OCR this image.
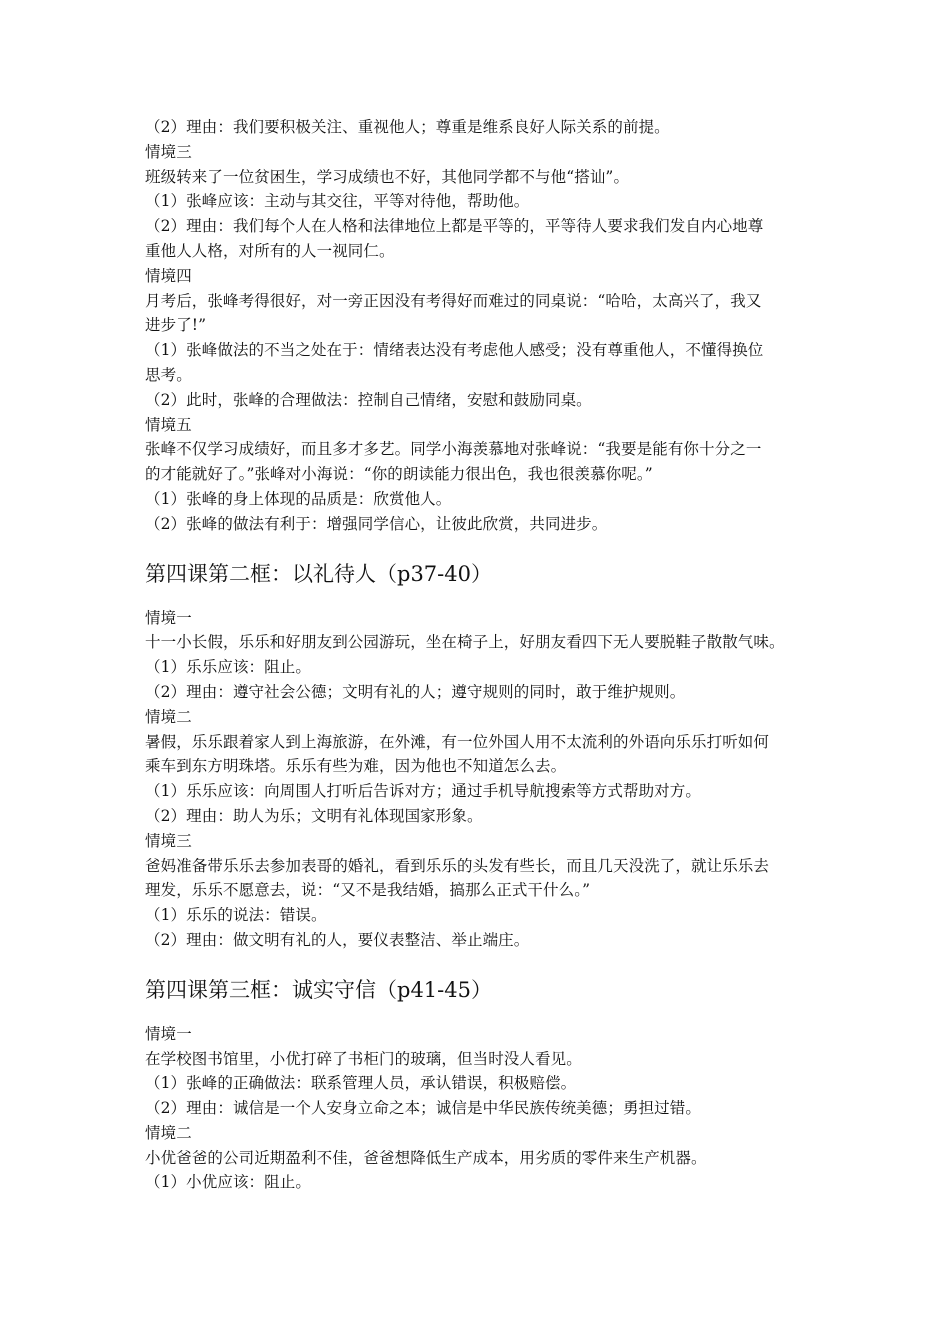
（2）理由：我们要积极关注、重视他人；尊重是维系良好人际关系的前提。
情境三
班级转来了一位贫困生，学习成绩也不好，其他同学都不与他“搭讪”。
（1）张峰应该：主动与其交往，平等对待他，帮助他。
（2）理由：我们每个人在人格和法律地位上都是平等的，平等待人要求我们发自内心地尊
重他人人格，对所有的人一视同仁。
情境四
月考后，张峰考得很好，对一旁正因没有考得好而难过的同桌说：“哈哈，太高兴了，我又
进步了!”
（1）张峰做法的不当之处在于：情绪表达没有考虑他人感受；没有尊重他人，不懂得换位
思考。
（2）此时，张峰的合理做法：控制自己情绪，安慰和鼓励同桌。
情境五
张峰不仅学习成绩好，而且多才多艺。同学小海羡慕地对张峰说：“我要是能有你十分之一
的才能就好了。”张峰对小海说：“你的朗读能力很出色，我也很羡慕你呢。”
（1）张峰的身上体现的品质是：欣赏他人。
（2）张峰的做法有利于：增强同学信心，让彼此欣赏，共同进步。
第四课第二框：以礼待人（p37-40）
情境一
十一小长假，乐乐和好朋友到公园游玩，坐在椅子上，好朋友看四下无人要脱鞋子散散气味。
（1）乐乐应该：阻止。
（2）理由：遵守社会公德；文明有礼的人；遵守规则的同时，敢于维护规则。
情境二
暑假，乐乐跟着家人到上海旅游，在外滩，有一位外国人用不太流利的外语向乐乐打听如何
乘车到东方明珠塔。乐乐有些为难，因为他也不知道怎么去。
（1）乐乐应该：向周围人打听后告诉对方；通过手机导航搜索等方式帮助对方。
（2）理由：助人为乐；文明有礼体现国家形象。
情境三
爸妈准备带乐乐去参加表哥的婚礼，看到乐乐的头发有些长，而且几天没洗了，就让乐乐去
理发，乐乐不愿意去，说：“又不是我结婚，搞那么正式干什么。”
（1）乐乐的说法：错误。
（2）理由：做文明有礼的人，要仪表整洁、举止端庄。
第四课第三框：诚实守信（p41-45）
情境一
在学校图书馆里，小优打碎了书柜门的玻璃，但当时没人看见。
（1）张峰的正确做法：联系管理人员，承认错误，积极赔偿。
（2）理由：诚信是一个人安身立命之本；诚信是中华民族传统美德；勇担过错。
情境二
小优爸爸的公司近期盈利不佳，爸爸想降低生产成本，用劣质的零件来生产机器。
（1）小优应该：阻止。
